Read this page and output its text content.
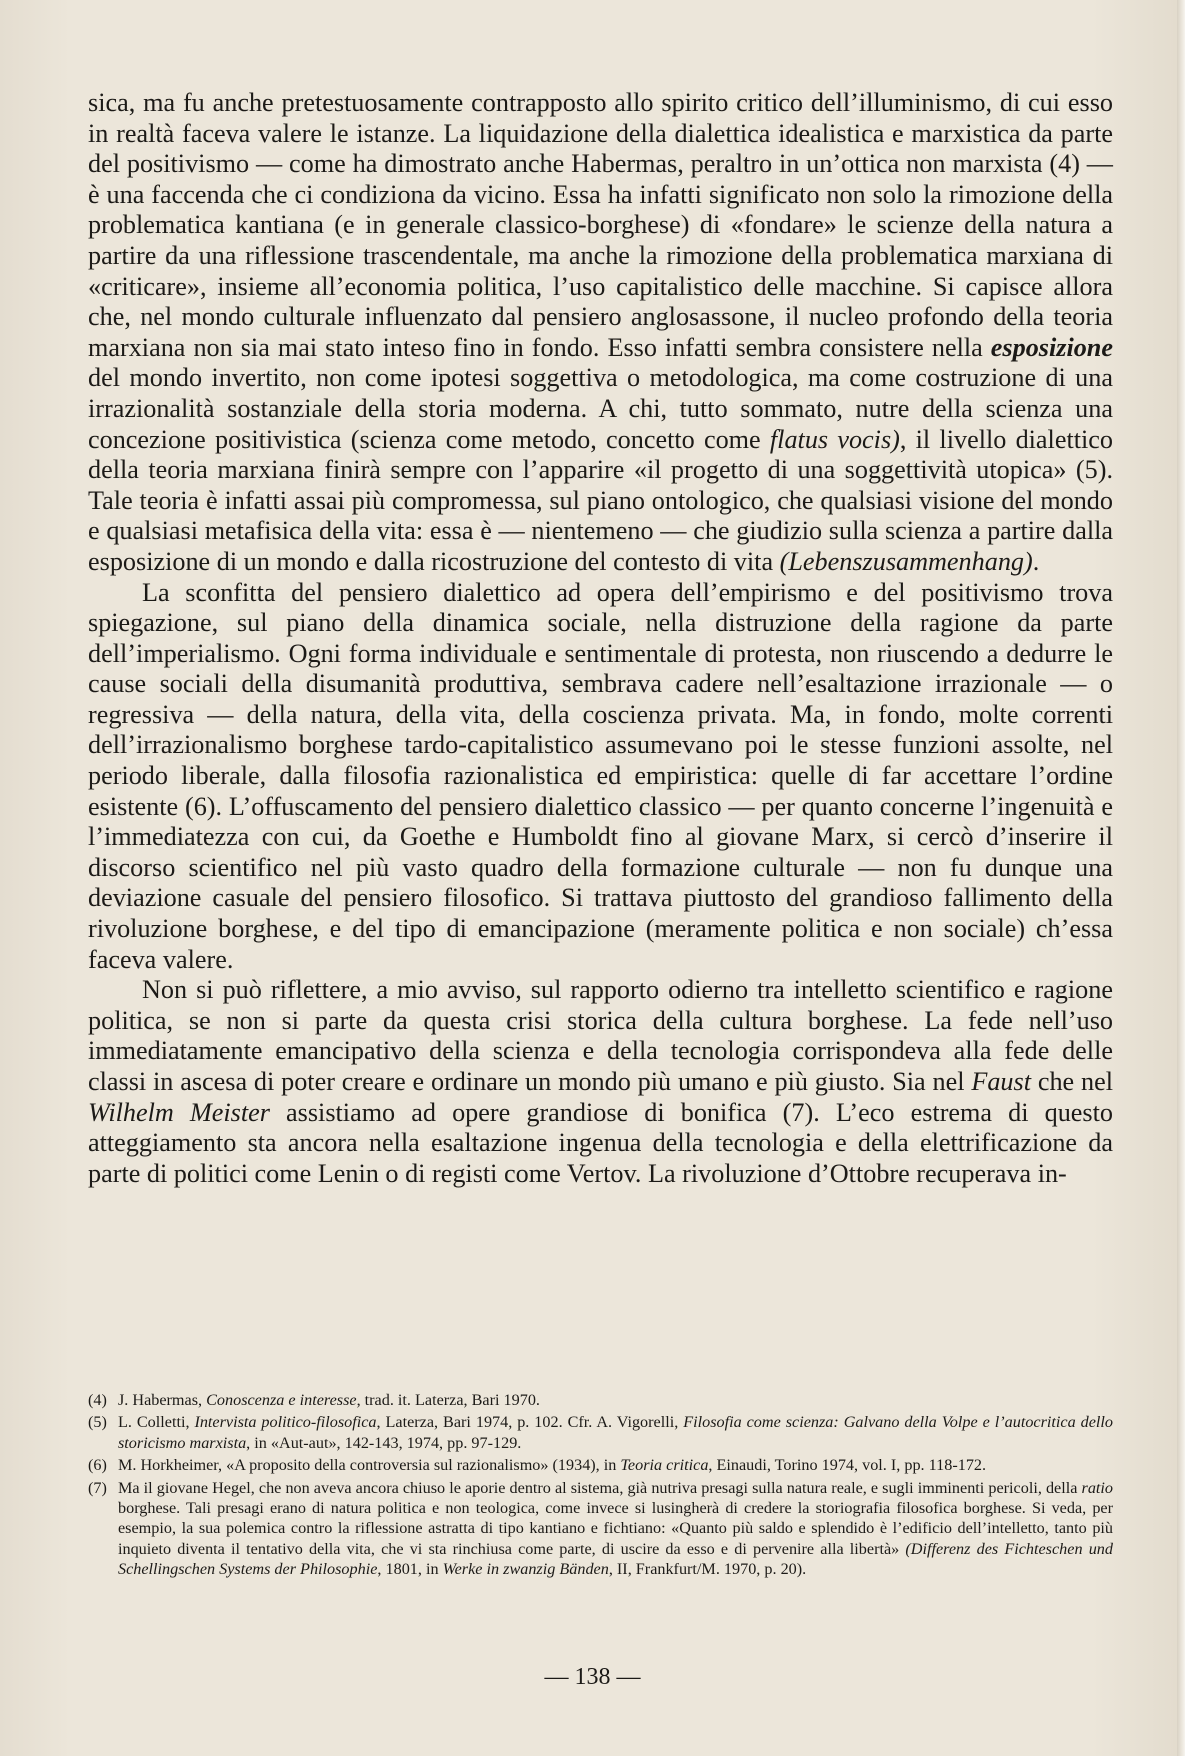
sica, ma fu anche pretestuosamente contrapposto allo spirito critico dell’illuminismo, di cui esso in realtà faceva valere le istanze. La liquidazione della dialettica idealistica e marxistica da parte del positivismo — come ha dimostrato anche Habermas, peraltro in un’ottica non marxista (4) — è una faccenda che ci condiziona da vicino. Essa ha infatti significato non solo la rimozione della problematica kantiana (e in generale classico-borghese) di «fondare» le scienze della natura a partire da una riflessione trascendentale, ma anche la rimozione della problematica marxiana di «criticare», insieme all’economia politica, l’uso capitalistico delle macchine. Si capisce allora che, nel mondo culturale influenzato dal pensiero anglosassone, il nucleo profondo della teoria marxiana non sia mai stato inteso fino in fondo. Esso infatti sembra consistere nella esposizione del mondo invertito, non come ipotesi soggettiva o metodologica, ma come costruzione di una irrazionalità sostanziale della storia moderna. A chi, tutto sommato, nutre della scienza una concezione positivistica (scienza come metodo, concetto come flatus vocis), il livello dialettico della teoria marxiana finirà sempre con l’apparire «il progetto di una soggettività utopica» (5). Tale teoria è infatti assai più compromessa, sul piano ontologico, che qualsiasi visione del mondo e qualsiasi metafisica della vita: essa è — nientemeno — che giudizio sulla scienza a partire dalla esposizione di un mondo e dalla ricostruzione del contesto di vita (Lebenszusammenhang).

La sconfitta del pensiero dialettico ad opera dell’empirismo e del positivismo trova spiegazione, sul piano della dinamica sociale, nella distruzione della ragione da parte dell’imperialismo. Ogni forma individuale e sentimentale di protesta, non riuscendo a dedurre le cause sociali della disumanità produttiva, sembrava cadere nell’esaltazione irrazionale — o regressiva — della natura, della vita, della coscienza privata. Ma, in fondo, molte correnti dell’irrazionalismo borghese tardo-capitalistico assumevano poi le stesse funzioni assolte, nel periodo liberale, dalla filosofia razionalistica ed empiristica: quelle di far accettare l’ordine esistente (6). L’offuscamento del pensiero dialettico classico — per quanto concerne l’ingenuità e l’immediatezza con cui, da Goethe e Humboldt fino al giovane Marx, si cercò d’inserire il discorso scientifico nel più vasto quadro della formazione culturale — non fu dunque una deviazione casuale del pensiero filosofico. Si trattava piuttosto del grandioso fallimento della rivoluzione borghese, e del tipo di emancipazione (meramente politica e non sociale) ch’essa faceva valere.

Non si può riflettere, a mio avviso, sul rapporto odierno tra intelletto scientifico e ragione politica, se non si parte da questa crisi storica della cultura borghese. La fede nell’uso immediatamente emancipativo della scienza e della tecnologia corrispondeva alla fede delle classi in ascesa di poter creare e ordinare un mondo più umano e più giusto. Sia nel Faust che nel Wilhelm Meister assistiamo ad opere grandiose di bonifica (7). L’eco estrema di questo atteggiamento sta ancora nella esaltazione ingenua della tecnologia e della elettrificazione da parte di politici come Lenin o di registi come Vertov. La rivoluzione d’Ottobre recuperava in-

(4) J. Habermas, Conoscenza e interesse, trad. it. Laterza, Bari 1970.
(5) L. Colletti, Intervista politico-filosofica, Laterza, Bari 1974, p. 102. Cfr. A. Vigorelli, Filosofia come scienza: Galvano della Volpe e l’autocritica dello storicismo marxista, in «Aut-aut», 142-143, 1974, pp. 97-129.
(6) M. Horkheimer, «A proposito della controversia sul razionalismo» (1934), in Teoria critica, Einaudi, Torino 1974, vol. I, pp. 118-172.
(7) Ma il giovane Hegel, che non aveva ancora chiuso le aporie dentro al sistema, già nutriva presagi sulla natura reale, e sugli imminenti pericoli, della ratio borghese. Tali presagi erano di natura politica e non teologica, come invece si lusingherà di credere la storiografia filosofica borghese. Si veda, per esempio, la sua polemica contro la riflessione astratta di tipo kantiano e fichtiano: «Quanto più saldo e splendido è l’edificio dell’intelletto, tanto più inquieto diventa il tentativo della vita, che vi sta rinchiusa come parte, di uscire da esso e di pervenire alla libertà» (Differenz des Fichteschen und Schellingschen Systems der Philosophie, 1801, in Werke in zwanzig Bänden, II, Frankfurt/M. 1970, p. 20).
— 138 —
